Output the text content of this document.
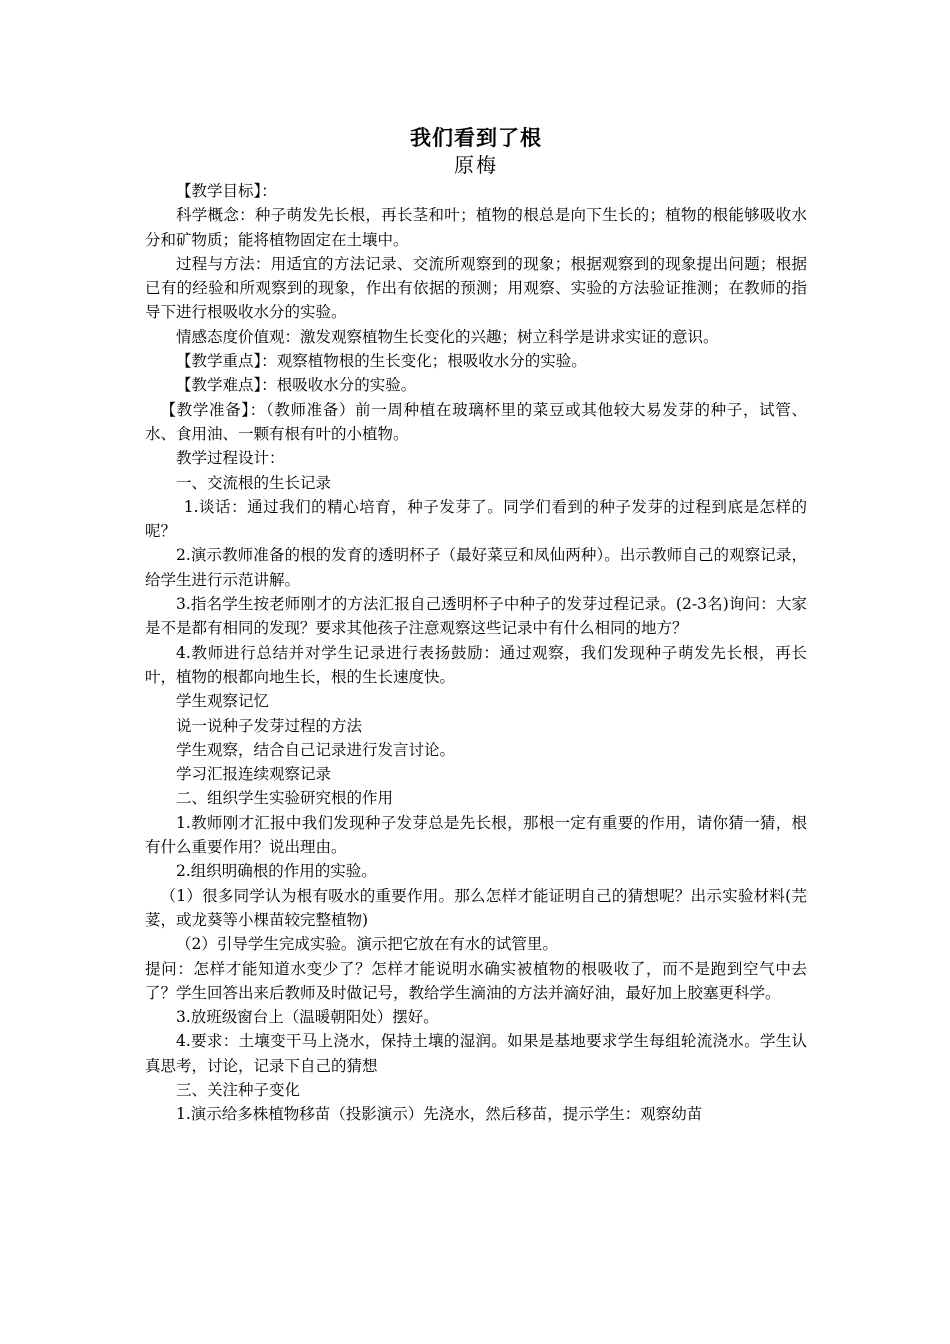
我们看到了根
原梅

【教学目标】：

科学概念：种子萌发先长根，再长茎和叶；植物的根总是向下生长的；植物的根能够吸收水分和矿物质；能将植物固定在土壤中。

过程与方法：用适宜的方法记录、交流所观察到的现象；根据观察到的现象提出问题；根据已有的经验和所观察到的现象，作出有依据的预测；用观察、实验的方法验证推测；在教师的指导下进行根吸收水分的实验。

情感态度价值观：激发观察植物生长变化的兴趣；树立科学是讲求实证的意识。

【教学重点】：观察植物根的生长变化；根吸收水分的实验。

【教学难点】：根吸收水分的实验。

【教学准备】：（教师准备）前一周种植在玻璃杯里的菜豆或其他较大易发芽的种子，试管、水、食用油、一颗有根有叶的小植物。

教学过程设计：

一、交流根的生长记录

1.谈话：通过我们的精心培育，种子发芽了。同学们看到的种子发芽的过程到底是怎样的呢？

2.演示教师准备的根的发育的透明杯子（最好菜豆和凤仙两种）。出示教师自己的观察记录，给学生进行示范讲解。

3.指名学生按老师刚才的方法汇报自己透明杯子中种子的发芽过程记录。(2-3名)询问：大家是不是都有相同的发现？要求其他孩子注意观察这些记录中有什么相同的地方？

4.教师进行总结并对学生记录进行表扬鼓励：通过观察，我们发现种子萌发先长根，再长叶，植物的根都向地生长，根的生长速度快。

学生观察记忆

说一说种子发芽过程的方法

学生观察，结合自己记录进行发言讨论。

学习汇报连续观察记录

二、组织学生实验研究根的作用

1.教师刚才汇报中我们发现种子发芽总是先长根，那根一定有重要的作用，请你猜一猜，根有什么重要作用？说出理由。

2.组织明确根的作用的实验。

（1）很多同学认为根有吸水的重要作用。那么怎样才能证明自己的猜想呢？出示实验材料(芫荽，或龙葵等小棵苗较完整植物)

（2）引导学生完成实验。演示把它放在有水的试管里。

提问：怎样才能知道水变少了？怎样才能说明水确实被植物的根吸收了，而不是跑到空气中去了？学生回答出来后教师及时做记号，教给学生滴油的方法并滴好油，最好加上胶塞更科学。

3.放班级窗台上（温暖朝阳处）摆好。

4.要求：土壤变干马上浇水，保持土壤的湿润。如果是基地要求学生每组轮流浇水。学生认真思考，讨论，记录下自己的猜想

三、关注种子变化

1.演示给多株植物移苗（投影演示）先浇水，然后移苗，提示学生：观察幼苗
